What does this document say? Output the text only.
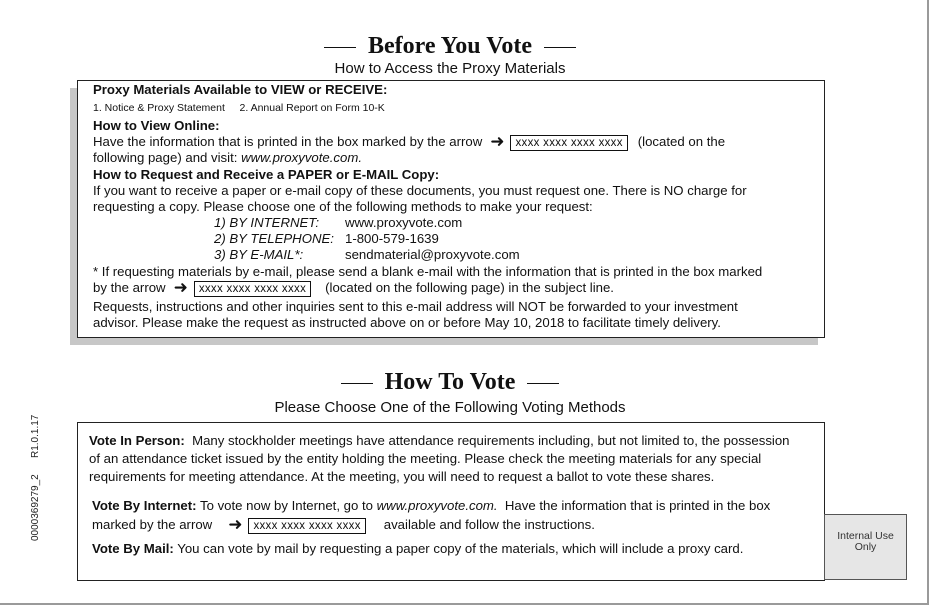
Before You Vote
How to Access the Proxy Materials
Proxy Materials Available to VIEW or RECEIVE:
1. Notice & Proxy Statement     2. Annual Report on Form 10-K
How to View Online:
Have the information that is printed in the box marked by the arrow ➜ xxxx xxxx xxxx xxxx (located on the
following page) and visit: www.proxyvote.com.
How to Request and Receive a PAPER or E-MAIL Copy:
If you want to receive a paper or e-mail copy of these documents, you must request one. There is NO charge for
requesting a copy. Please choose one of the following methods to make your request:
1) BY INTERNET: www.proxyvote.com
2) BY TELEPHONE: 1-800-579-1639
3) BY E-MAIL*:	sendmaterial@proxyvote.com
* If requesting materials by e-mail, please send a blank e-mail with the information that is printed in the box marked
by the arrow ➜ xxxx xxxx xxxx xxxx (located on the following page) in the subject line.
Requests, instructions and other inquiries sent to this e-mail address will NOT be forwarded to your investment
advisor. Please make the request as instructed above on or before May 10, 2018 to facilitate timely delivery.
How To Vote
Please Choose One of the Following Voting Methods
Vote In Person:  Many stockholder meetings have attendance requirements including, but not limited to, the possession
of an attendance ticket issued by the entity holding the meeting. Please check the meeting materials for any special
requirements for meeting attendance. At the meeting, you will need to request a ballot to vote these shares.
Vote By Internet: To vote now by Internet, go to www.proxyvote.com.  Have the information that is printed in the box
marked by the arrow ➜ xxxx xxxx xxxx xxxx available and follow the instructions.
Vote By Mail: You can vote by mail by requesting a paper copy of the materials, which will include a proxy card.
Internal Use Only
0000369279_2
R1.0.1.17
